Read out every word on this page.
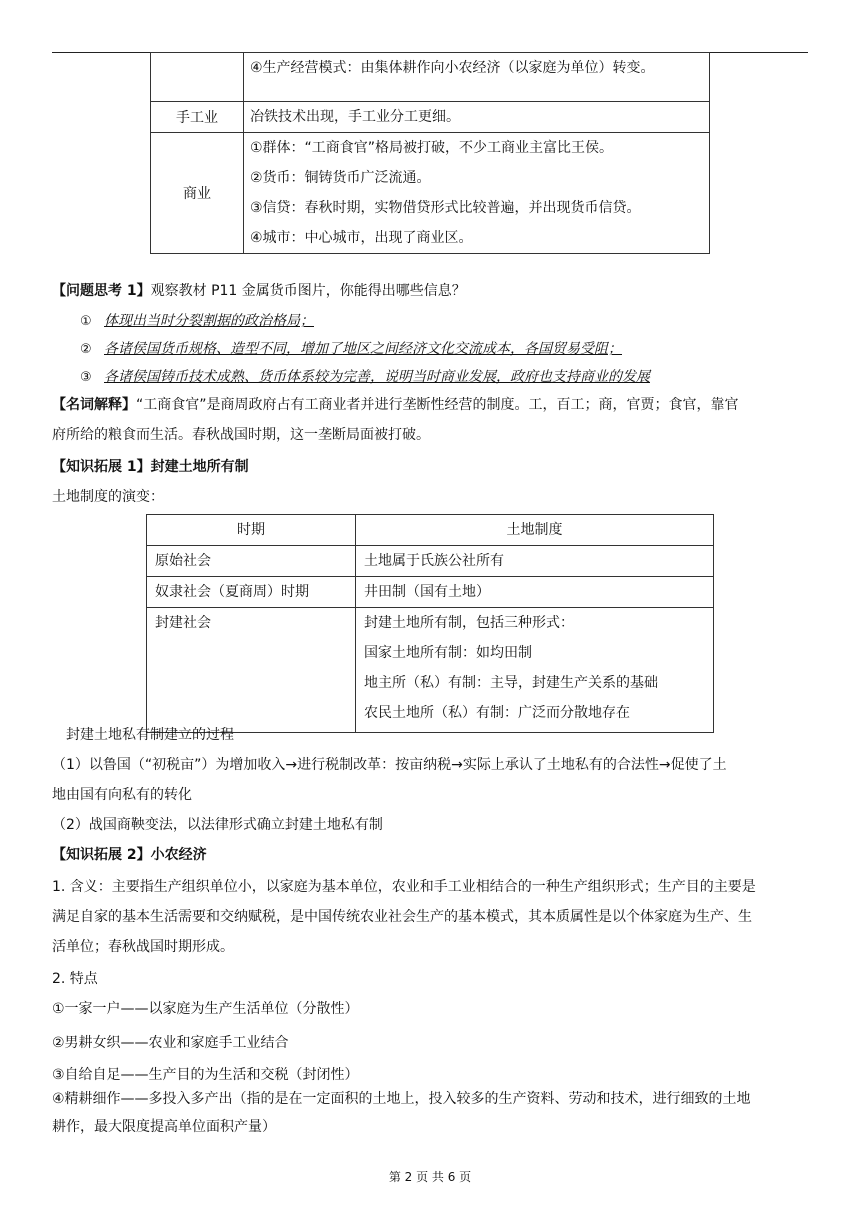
	④生产经营模式：由集体耕作向小农经济（以家庭为单位）转变。

手工业	冶铁技术出现，手工业分工更细。

商业	①群体：“工商食官”格局被打破，不少工商业主富比王侯。
②货币：铜铸货币广泛流通。
③信贷：春秋时期，实物借贷形式比较普遍，并出现货币信贷。
④城市：中心城市，出现了商业区。
【问题思考 1】观察教材 P11 金属货币图片，你能得出哪些信息？
① 体现出当时分裂割据的政治格局；
② 各诸侯国货币规格、造型不同，增加了地区之间经济文化交流成本，各国贸易受阻；
③ 各诸侯国铸币技术成熟、货币体系较为完善，说明当时商业发展，政府也支持商业的发展
【名词解释】“工商食官”是商周政府占有工商业者并进行垄断性经营的制度。工，百工；商，官贾；食官，靠官
府所给的粮食而生活。春秋战国时期，这一垄断局面被打破。
【知识拓展 1】封建土地所有制
土地制度的演变：
时期	土地制度
原始社会	土地属于氏族公社所有
奴隶社会（夏商周）时期	井田制（国有土地）
封建社会	封建土地所有制，包括三种形式：
国家土地所有制：如均田制
地主所（私）有制：主导，封建生产关系的基础
农民土地所（私）有制：广泛而分散地存在
封建土地私有制建立的过程
（1）以鲁国（“初税亩”）为增加收入→进行税制改革：按亩纳税→实际上承认了土地私有的合法性→促使了土
地由国有向私有的转化
（2）战国商鞅变法，以法律形式确立封建土地私有制
【知识拓展 2】小农经济
1. 含义：主要指生产组织单位小，以家庭为基本单位，农业和手工业相结合的一种生产组织形式；生产目的主要是
满足自家的基本生活需要和交纳赋税，是中国传统农业社会生产的基本模式，其本质属性是以个体家庭为生产、生
活单位；春秋战国时期形成。
2. 特点
①一家一户——以家庭为生产生活单位（分散性）
②男耕女织——农业和家庭手工业结合
③自给自足——生产目的为生活和交税（封闭性）
④精耕细作——多投入多产出（指的是在一定面积的土地上，投入较多的生产资料、劳动和技术，进行细致的土地
耕作，最大限度提高单位面积产量）
第 2 页 共 6 页
